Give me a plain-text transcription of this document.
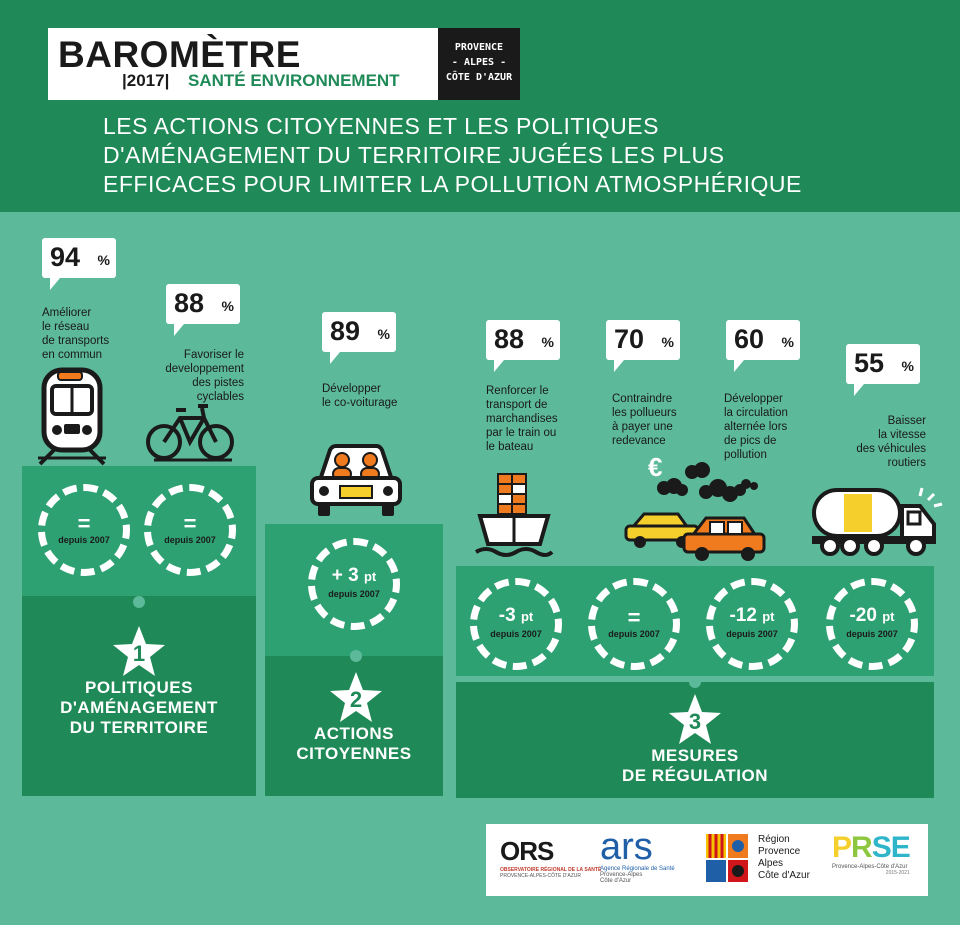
BAROMÈTRE
|2017| SANTÉ ENVIRONNEMENT
PROVENCE
- ALPES -
CÔTE D'AZUR
LES ACTIONS CITOYENNES ET LES POLITIQUES
D'AMÉNAGEMENT DU TERRITOIRE JUGÉES LES PLUS
EFFICACES POUR LIMITER LA POLLUTION ATMOSPHÉRIQUE
94 %
Améliorer
le réseau
de transports
en commun
88 %
Favoriser le
developpement
des pistes
cyclables
89 %
Développer
le co-voiturage
88 %
Renforcer le
transport de
marchandises
par le train ou
le bateau
70 %
Contraindre
les pollueurs
à payer une
redevance
60 %
Développer
la circulation
alternée lors
de pics de
pollution
€
55 %
Baisser
la vitesse
des véhicules
routiers
=
depuis 2007
=
depuis 2007
+ 3 pt
depuis 2007
-3 pt
depuis 2007
=
depuis 2007
-12 pt
depuis 2007
-20 pt
depuis 2007
1
POLITIQUES
D'AMÉNAGEMENT
DU TERRITOIRE
2
ACTIONS
CITOYENNES
3
MESURES
DE RÉGULATION
ORS
OBSERVATOIRE RÉGIONAL DE LA SANTÉ
PROVENCE-ALPES-CÔTE D'AZUR
ars
Agence Régionale de Santé
Provence-Alpes
Côte d'Azur
Région
Provence
Alpes
Côte d'Azur
PRSE
Provence-Alpes-Côte d'Azur
2015-2021
